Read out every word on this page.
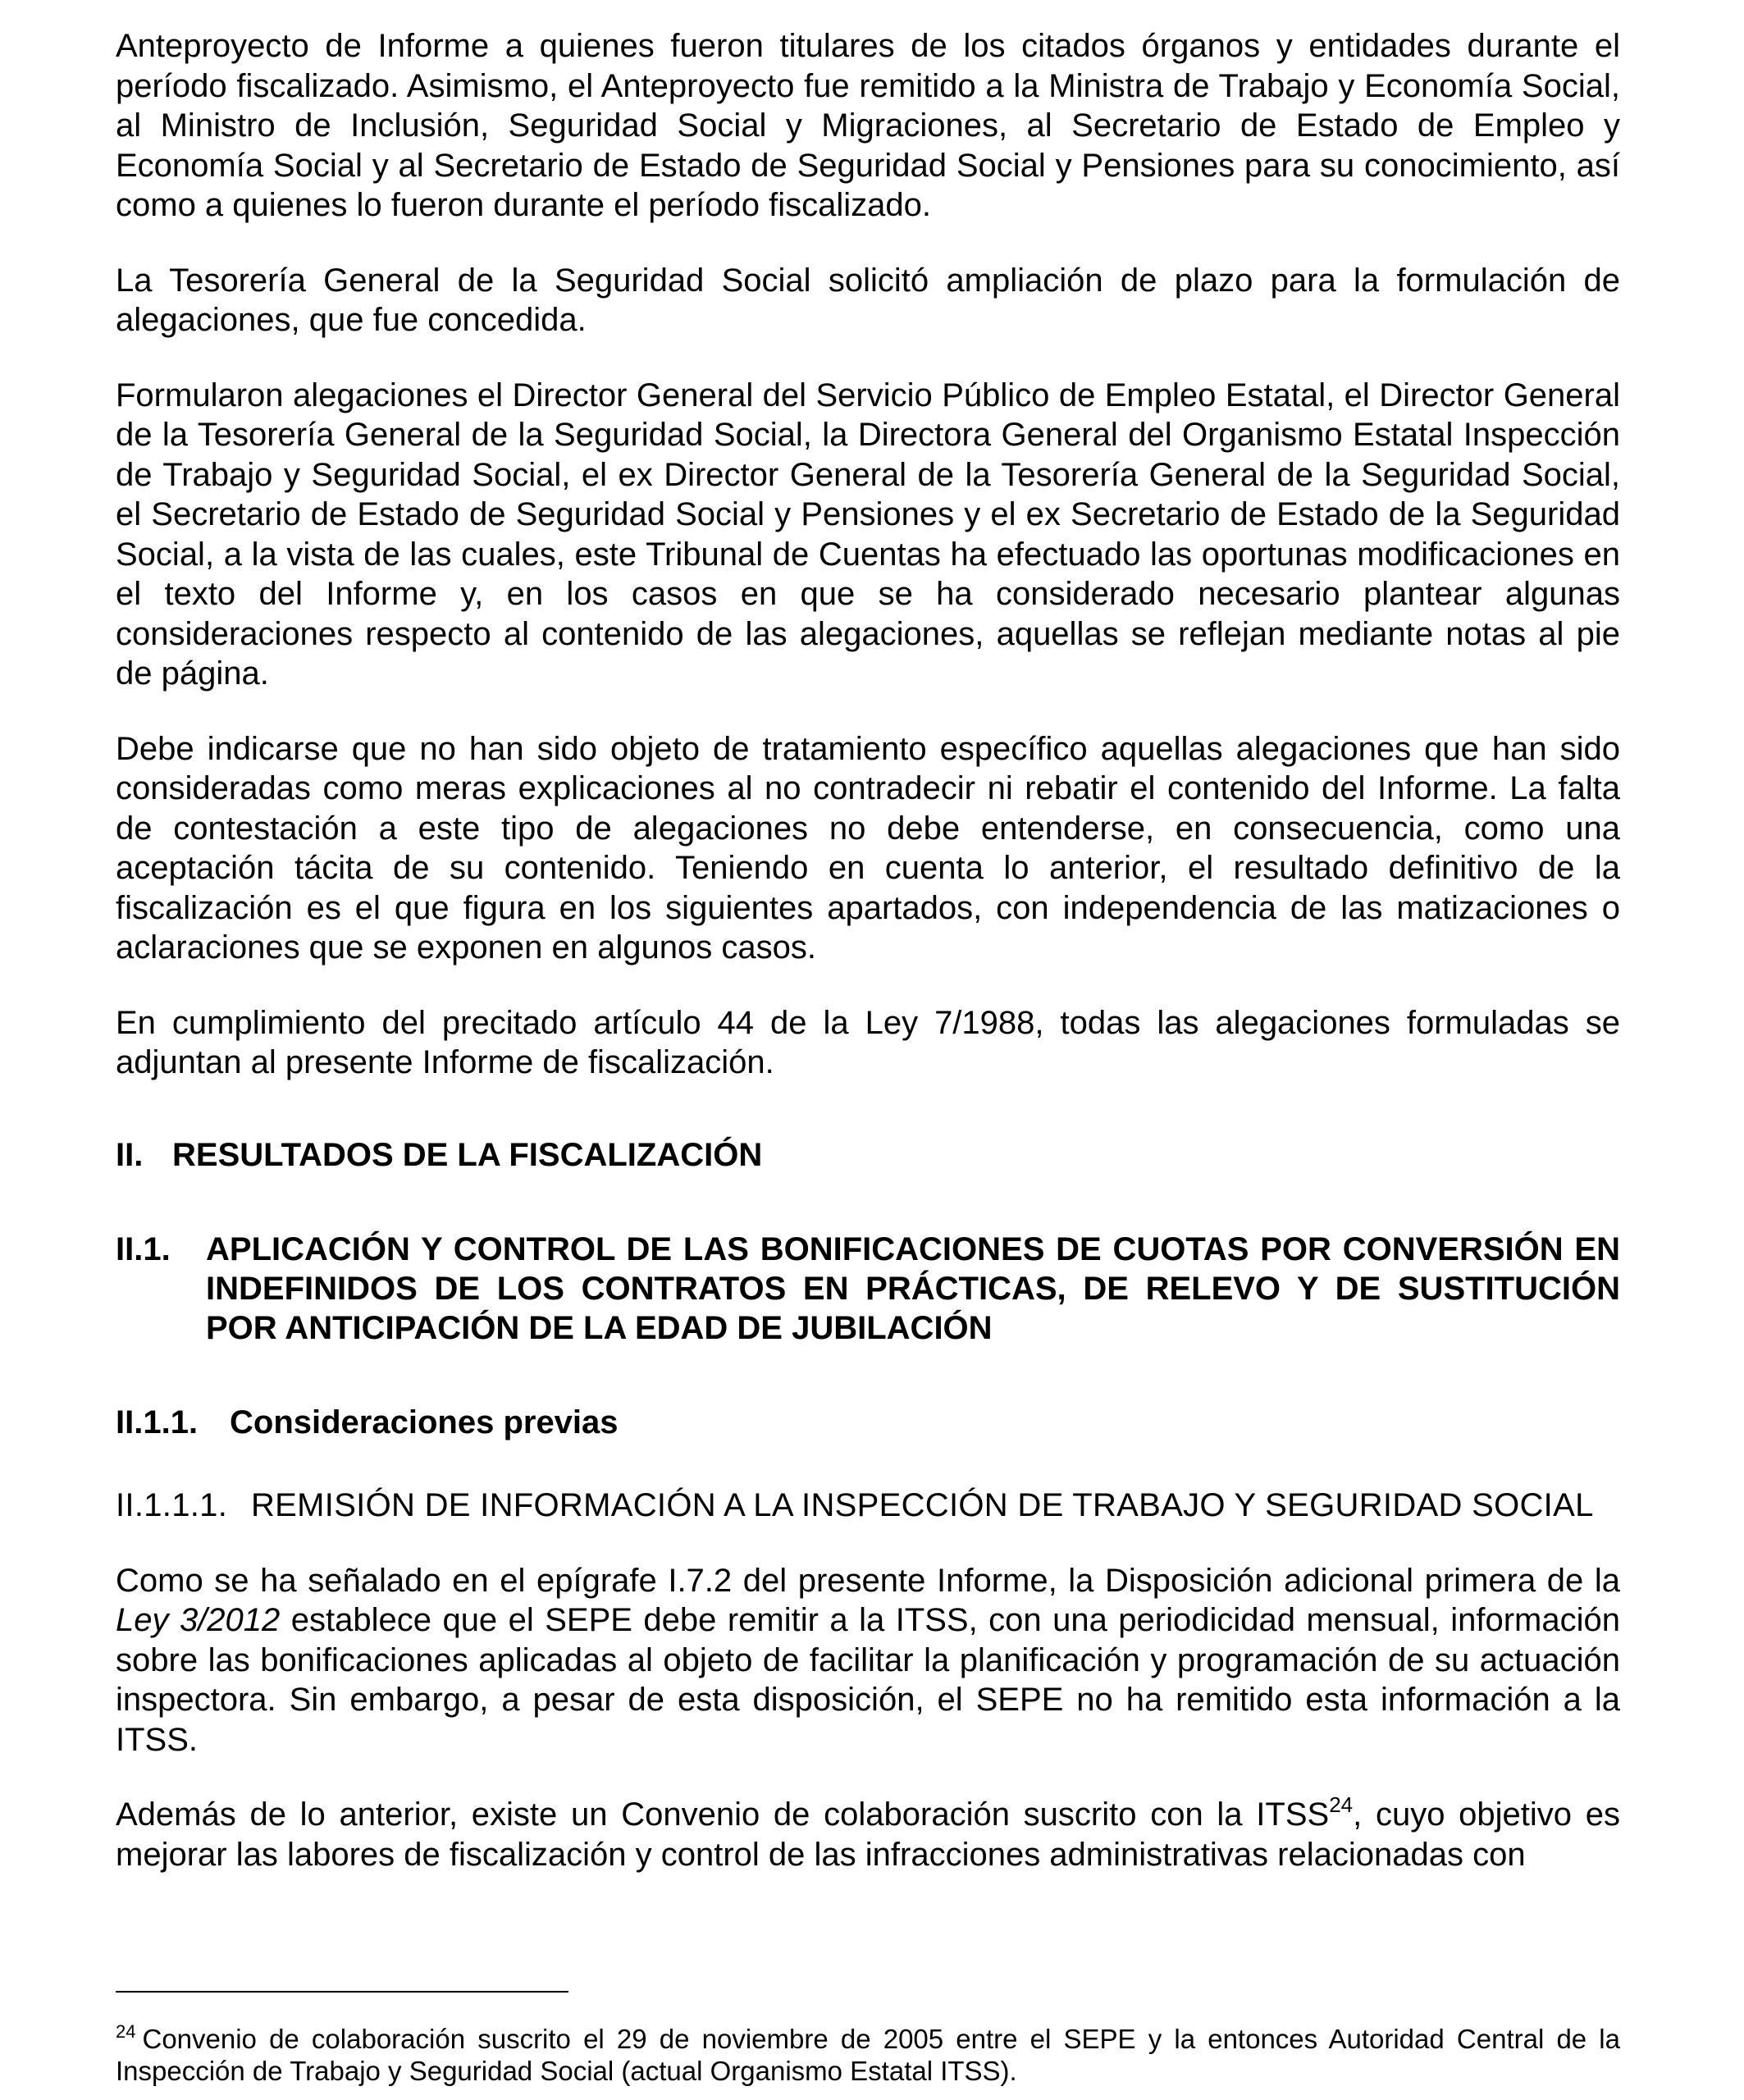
Anteproyecto de Informe a quienes fueron titulares de los citados órganos y entidades durante el período fiscalizado. Asimismo, el Anteproyecto fue remitido a la Ministra de Trabajo y Economía Social, al Ministro de Inclusión, Seguridad Social y Migraciones, al Secretario de Estado de Empleo y Economía Social y al Secretario de Estado de Seguridad Social y Pensiones para su conocimiento, así como a quienes lo fueron durante el período fiscalizado.

La Tesorería General de la Seguridad Social solicitó ampliación de plazo para la formulación de alegaciones, que fue concedida.

Formularon alegaciones el Director General del Servicio Público de Empleo Estatal, el Director General de la Tesorería General de la Seguridad Social, la Directora General del Organismo Estatal Inspección de Trabajo y Seguridad Social, el ex Director General de la Tesorería General de la Seguridad Social, el Secretario de Estado de Seguridad Social y Pensiones y el ex Secretario de Estado de la Seguridad Social, a la vista de las cuales, este Tribunal de Cuentas ha efectuado las oportunas modificaciones en el texto del Informe y, en los casos en que se ha considerado necesario plantear algunas consideraciones respecto al contenido de las alegaciones, aquellas se reflejan mediante notas al pie de página.

Debe indicarse que no han sido objeto de tratamiento específico aquellas alegaciones que han sido consideradas como meras explicaciones al no contradecir ni rebatir el contenido del Informe. La falta de contestación a este tipo de alegaciones no debe entenderse, en consecuencia, como una aceptación tácita de su contenido. Teniendo en cuenta lo anterior, el resultado definitivo de la fiscalización es el que figura en los siguientes apartados, con independencia de las matizaciones o aclaraciones que se exponen en algunos casos.

En cumplimiento del precitado artículo 44 de la Ley 7/1988, todas las alegaciones formuladas se adjuntan al presente Informe de fiscalización.

II. RESULTADOS DE LA FISCALIZACIÓN
II.1.	APLICACIÓN Y CONTROL DE LAS BONIFICACIONES DE CUOTAS POR CONVERSIÓN EN INDEFINIDOS DE LOS CONTRATOS EN PRÁCTICAS, DE RELEVO Y DE SUSTITUCIÓN POR ANTICIPACIÓN DE LA EDAD DE JUBILACIÓN
II.1.1. Consideraciones previas
II.1.1.1. REMISIÓN DE INFORMACIÓN A LA INSPECCIÓN DE TRABAJO Y SEGURIDAD SOCIAL

Como se ha señalado en el epígrafe I.7.2 del presente Informe, la Disposición adicional primera de la Ley 3/2012 establece que el SEPE debe remitir a la ITSS, con una periodicidad mensual, información sobre las bonificaciones aplicadas al objeto de facilitar la planificación y programación de su actuación inspectora. Sin embargo, a pesar de esta disposición, el SEPE no ha remitido esta información a la ITSS.

Además de lo anterior, existe un Convenio de colaboración suscrito con la ITSS$^{24}$, cuyo objetivo es mejorar las labores de fiscalización y control de las infracciones administrativas relacionadas con

$^{24}$ Convenio de colaboración suscrito el 29 de noviembre de 2005 entre el SEPE y la entonces Autoridad Central de la Inspección de Trabajo y Seguridad Social (actual Organismo Estatal ITSS).
